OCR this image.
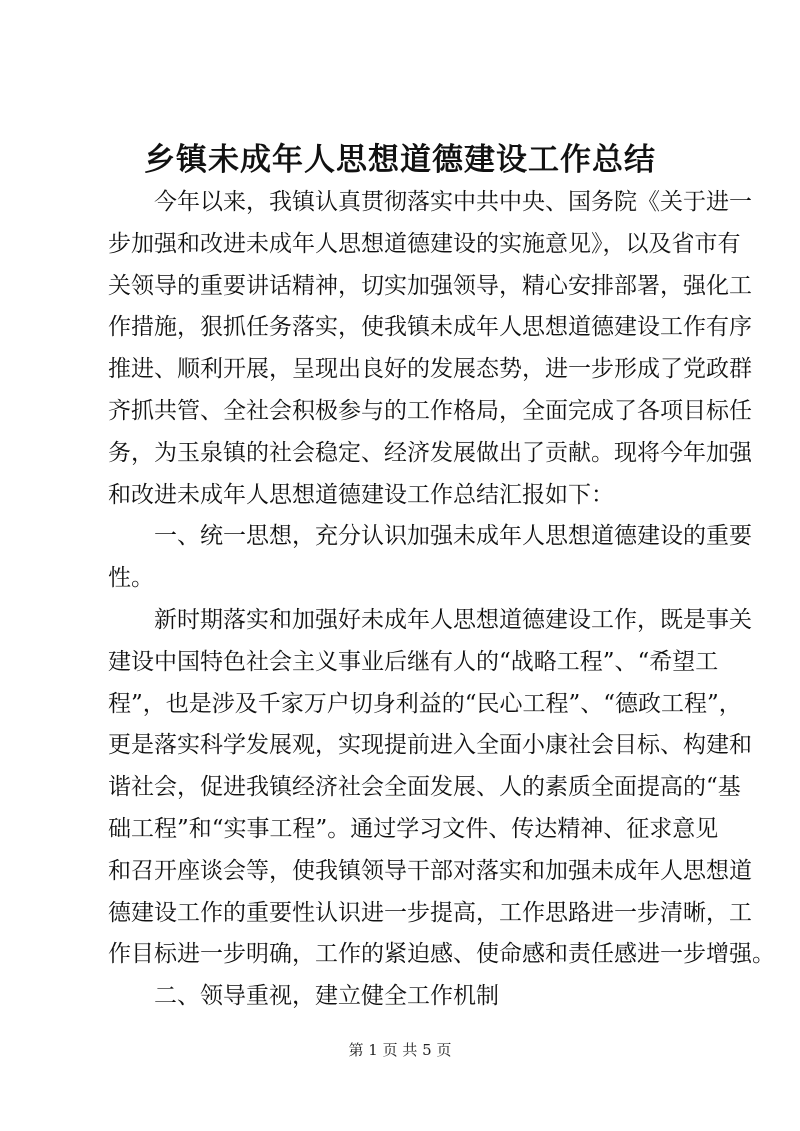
乡镇未成年人思想道德建设工作总结
今年以来，我镇认真贯彻落实中共中央、国务院《关于进一
步加强和改进未成年人思想道德建设的实施意见》，以及省市有
关领导的重要讲话精神，切实加强领导，精心安排部署，强化工
作措施，狠抓任务落实，使我镇未成年人思想道德建设工作有序
推进、顺利开展，呈现出良好的发展态势，进一步形成了党政群
齐抓共管、全社会积极参与的工作格局，全面完成了各项目标任
务，为玉泉镇的社会稳定、经济发展做出了贡献。现将今年加强
和改进未成年人思想道德建设工作总结汇报如下：
一、统一思想，充分认识加强未成年人思想道德建设的重要
性。
新时期落实和加强好未成年人思想道德建设工作，既是事关
建设中国特色社会主义事业后继有人的“战略工程”、“希望工
程”，也是涉及千家万户切身利益的“民心工程”、“德政工程”，
更是落实科学发展观，实现提前进入全面小康社会目标、构建和
谐社会，促进我镇经济社会全面发展、人的素质全面提高的“基
础工程”和“实事工程”。通过学习文件、传达精神、征求意见
和召开座谈会等，使我镇领导干部对落实和加强未成年人思想道
德建设工作的重要性认识进一步提高，工作思路进一步清晰，工
作目标进一步明确，工作的紧迫感、使命感和责任感进一步增强。
二、领导重视，建立健全工作机制
第 1 页 共 5 页
